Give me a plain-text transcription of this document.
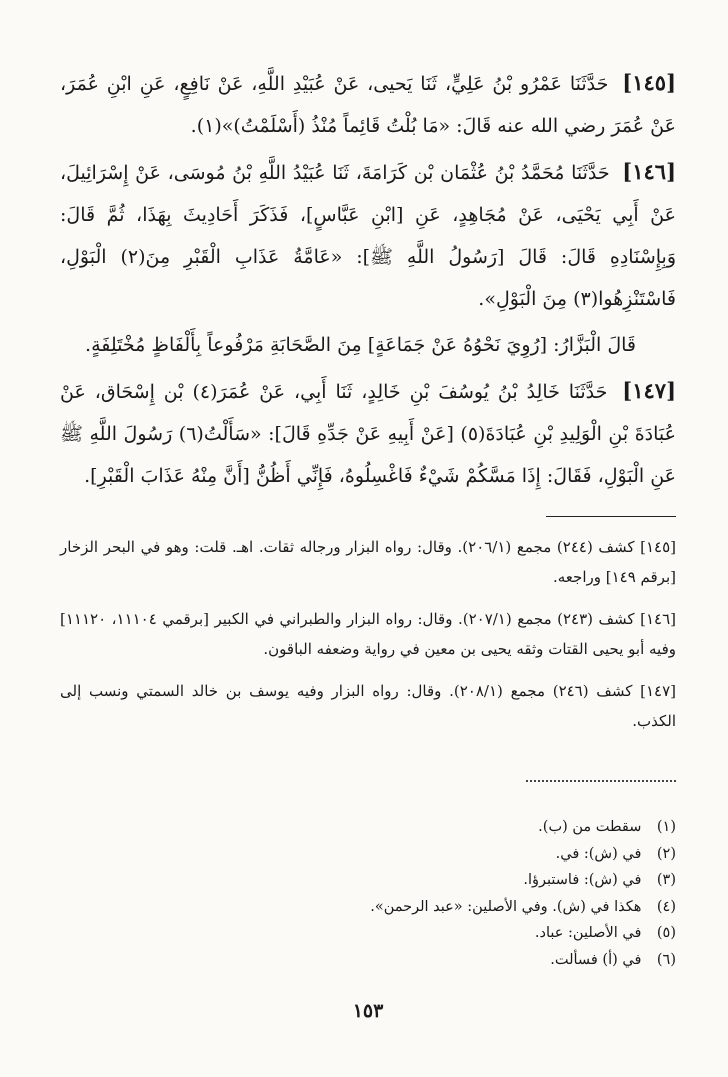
[١٤٥] حَدَّثَنَا عَمْرُو بْنُ عَلِيٍّ، ثَنَا يَحيى، عَنْ عُبَيْدِ اللَّهِ، عَنْ نَافِعٍ، عَنِ ابْنِ عُمَرَ، عَنْ عُمَرَ رضي الله عنه قَالَ: «مَا بُلْتُ قَائِماً مُنْذُ (أَسْلَمْتُ)»(١).
[١٤٦] حَدَّثَنَا مُحَمَّدُ بْنُ عُثْمَان بْن كَرَامَةَ، ثَنَا عُبَيْدُ اللَّهِ بْنُ مُوسَى، عَنْ إِسْرَائِيلَ، عَنْ أَبِي يَحْيَى، عَنْ مُجَاهِدٍ، عَنِ [ابْنِ عَبَّاسٍ]، فَذَكَرَ أَحَادِيثَ بِهَذَا، ثُمَّ قَالَ: وَبِإِسْنَادِهِ قَالَ: قَالَ [رَسُولُ اللَّهِ ﷺ]: «عَامَّةُ عَذَابِ الْقَبْرِ مِنَ(٢) الْبَوْلِ، فَاسْتَنْزِهُوا(٣) مِنَ الْبَوْلِ».
قَالَ الْبَزَّارُ: [رُوِيَ نَحْوُهُ عَنْ جَمَاعَةٍ] مِنَ الصَّحَابَةِ مَرْفُوعاً بِأَلْفَاظٍ مُخْتَلِفَةٍ.
[١٤٧] حَدَّثَنَا خَالِدُ بْنُ يُوسُفَ بْنِ خَالِدٍ، ثَنَا أَبِي، عَنْ عُمَرَ(٤) بْن إِسْحَاق، عَنْ عُبَادَةَ بْنِ الْوَلِيدِ بْنِ عُبَادَةَ(٥) [عَنْ أَبِيهِ عَنْ جَدِّهِ قَالَ]: «سَأَلْتُ(٦) رَسُولَ اللَّهِ ﷺ عَنِ الْبَوْلِ، فَقَالَ: إِذَا مَسَّكُمْ شَيْءٌ فَاغْسِلُوهُ، فَإِنِّي أَظُنُّ [أَنَّ مِنْهُ عَذَابَ الْقَبْرِ].
[١٤٥] كشف (٢٤٤) مجمع (٢٠٦/١). وقال: رواه البزار ورجاله ثقات. اهـ. قلت: وهو في البحر الزخار [برقم ١٤٩] وراجعه.
[١٤٦] كشف (٢٤٣) مجمع (٢٠٧/١). وقال: رواه البزار والطبراني في الكبير [برقمي ١١١٠٤، ١١١٢٠] وفيه أبو يحيى القتات وثقه يحيى بن معين في رواية وضعفه الباقون.
[١٤٧] كشف (٢٤٦) مجمع (٢٠٨/١). وقال: رواه البزار وفيه يوسف بن خالد السمتي ونسب إلى الكذب.
(١) سقطت من (ب).
(٢) في (ش): في.
(٣) في (ش): فاستبرؤا.
(٤) هكذا في (ش). وفي الأصلين: «عبد الرحمن».
(٥) في الأصلين: عباد.
(٦) في (أ) فسألت.
١٥٣
